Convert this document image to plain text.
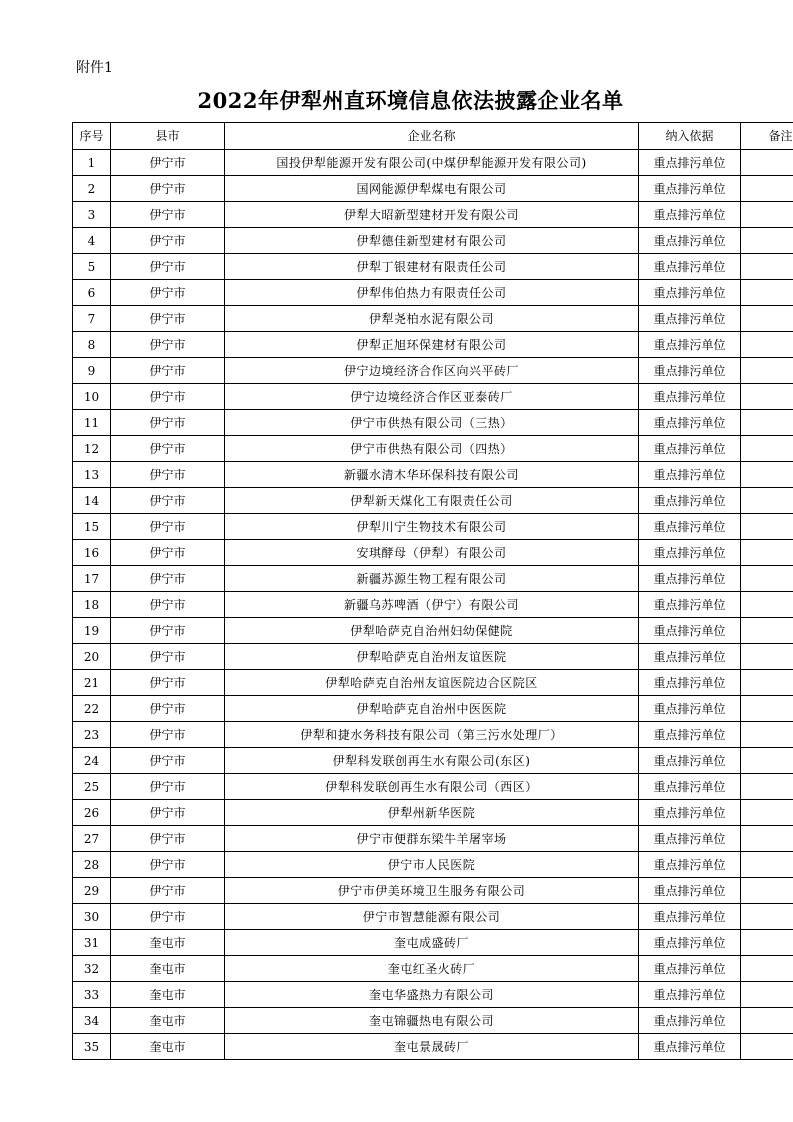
附件1
2022年伊犁州直环境信息依法披露企业名单
序号	县市	企业名称	纳入依据	备注
1	伊宁市	国投伊犁能源开发有限公司(中煤伊犁能源开发有限公司)	重点排污单位	
2	伊宁市	国网能源伊犁煤电有限公司	重点排污单位	
3	伊宁市	伊犁大昭新型建材开发有限公司	重点排污单位	
4	伊宁市	伊犁德佳新型建材有限公司	重点排污单位	
5	伊宁市	伊犁丁银建材有限责任公司	重点排污单位	
6	伊宁市	伊犁伟伯热力有限责任公司	重点排污单位	
7	伊宁市	伊犁尧柏水泥有限公司	重点排污单位	
8	伊宁市	伊犁正旭环保建材有限公司	重点排污单位	
9	伊宁市	伊宁边境经济合作区向兴平砖厂	重点排污单位	
10	伊宁市	伊宁边境经济合作区亚泰砖厂	重点排污单位	
11	伊宁市	伊宁市供热有限公司（三热）	重点排污单位	
12	伊宁市	伊宁市供热有限公司（四热）	重点排污单位	
13	伊宁市	新疆水清木华环保科技有限公司	重点排污单位	
14	伊宁市	伊犁新天煤化工有限责任公司	重点排污单位	
15	伊宁市	伊犁川宁生物技术有限公司	重点排污单位	
16	伊宁市	安琪酵母（伊犁）有限公司	重点排污单位	
17	伊宁市	新疆苏源生物工程有限公司	重点排污单位	
18	伊宁市	新疆乌苏啤酒（伊宁）有限公司	重点排污单位	
19	伊宁市	伊犁哈萨克自治州妇幼保健院	重点排污单位	
20	伊宁市	伊犁哈萨克自治州友谊医院	重点排污单位	
21	伊宁市	伊犁哈萨克自治州友谊医院边合区院区	重点排污单位	
22	伊宁市	伊犁哈萨克自治州中医医院	重点排污单位	
23	伊宁市	伊犁和捷水务科技有限公司（第三污水处理厂）	重点排污单位	
24	伊宁市	伊犁科发联创再生水有限公司(东区)	重点排污单位	
25	伊宁市	伊犁科发联创再生水有限公司（西区）	重点排污单位	
26	伊宁市	伊犁州新华医院	重点排污单位	
27	伊宁市	伊宁市便群东梁牛羊屠宰场	重点排污单位	
28	伊宁市	伊宁市人民医院	重点排污单位	
29	伊宁市	伊宁市伊美环境卫生服务有限公司	重点排污单位	
30	伊宁市	伊宁市智慧能源有限公司	重点排污单位	
31	奎屯市	奎屯成盛砖厂	重点排污单位	
32	奎屯市	奎屯红圣火砖厂	重点排污单位	
33	奎屯市	奎屯华盛热力有限公司	重点排污单位	
34	奎屯市	奎屯锦疆热电有限公司	重点排污单位	
35	奎屯市	奎屯景晟砖厂	重点排污单位	
